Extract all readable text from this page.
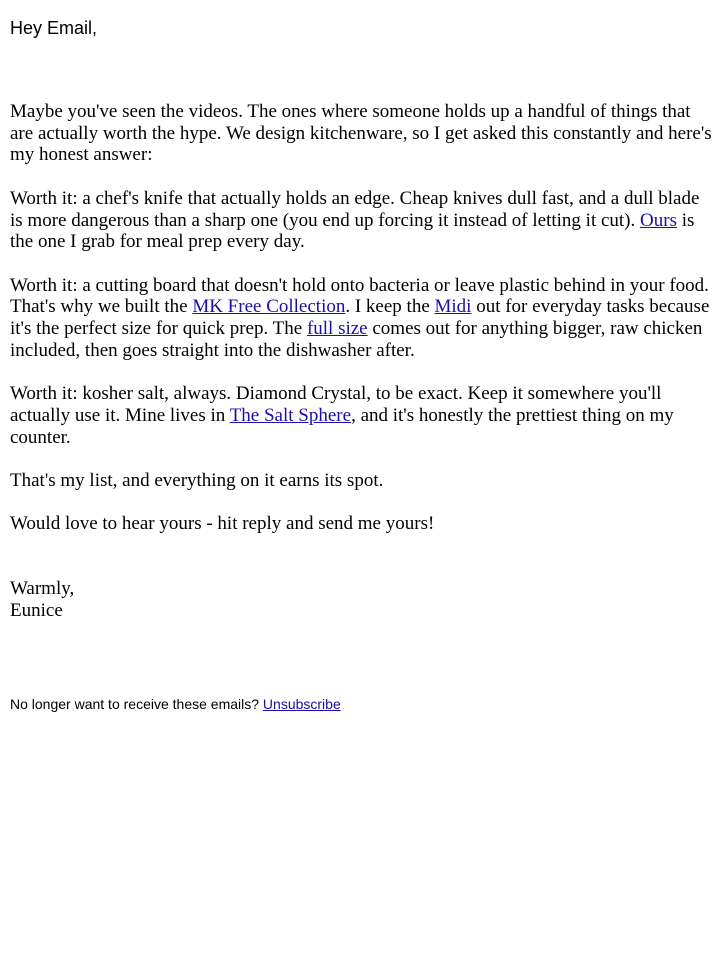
Hey Email,

Maybe you've seen the videos. The ones where someone holds up a handful of things that are actually worth the hype. We design kitchenware, so I get asked this constantly and here's my honest answer:

Worth it: a chef's knife that actually holds an edge. Cheap knives dull fast, and a dull blade is more dangerous than a sharp one (you end up forcing it instead of letting it cut). Ours is the one I grab for meal prep every day.

Worth it: a cutting board that doesn't hold onto bacteria or leave plastic behind in your food. That's why we built the MK Free Collection. I keep the Midi out for everyday tasks because it's the perfect size for quick prep. The full size comes out for anything bigger, raw chicken included, then goes straight into the dishwasher after.

Worth it: kosher salt, always. Diamond Crystal, to be exact. Keep it somewhere you'll actually use it. Mine lives in The Salt Sphere, and it's honestly the prettiest thing on my counter.

That's my list, and everything on it earns its spot.

Would love to hear yours - hit reply and send me yours!

Warmly,
Eunice
No longer want to receive these emails? Unsubscribe
